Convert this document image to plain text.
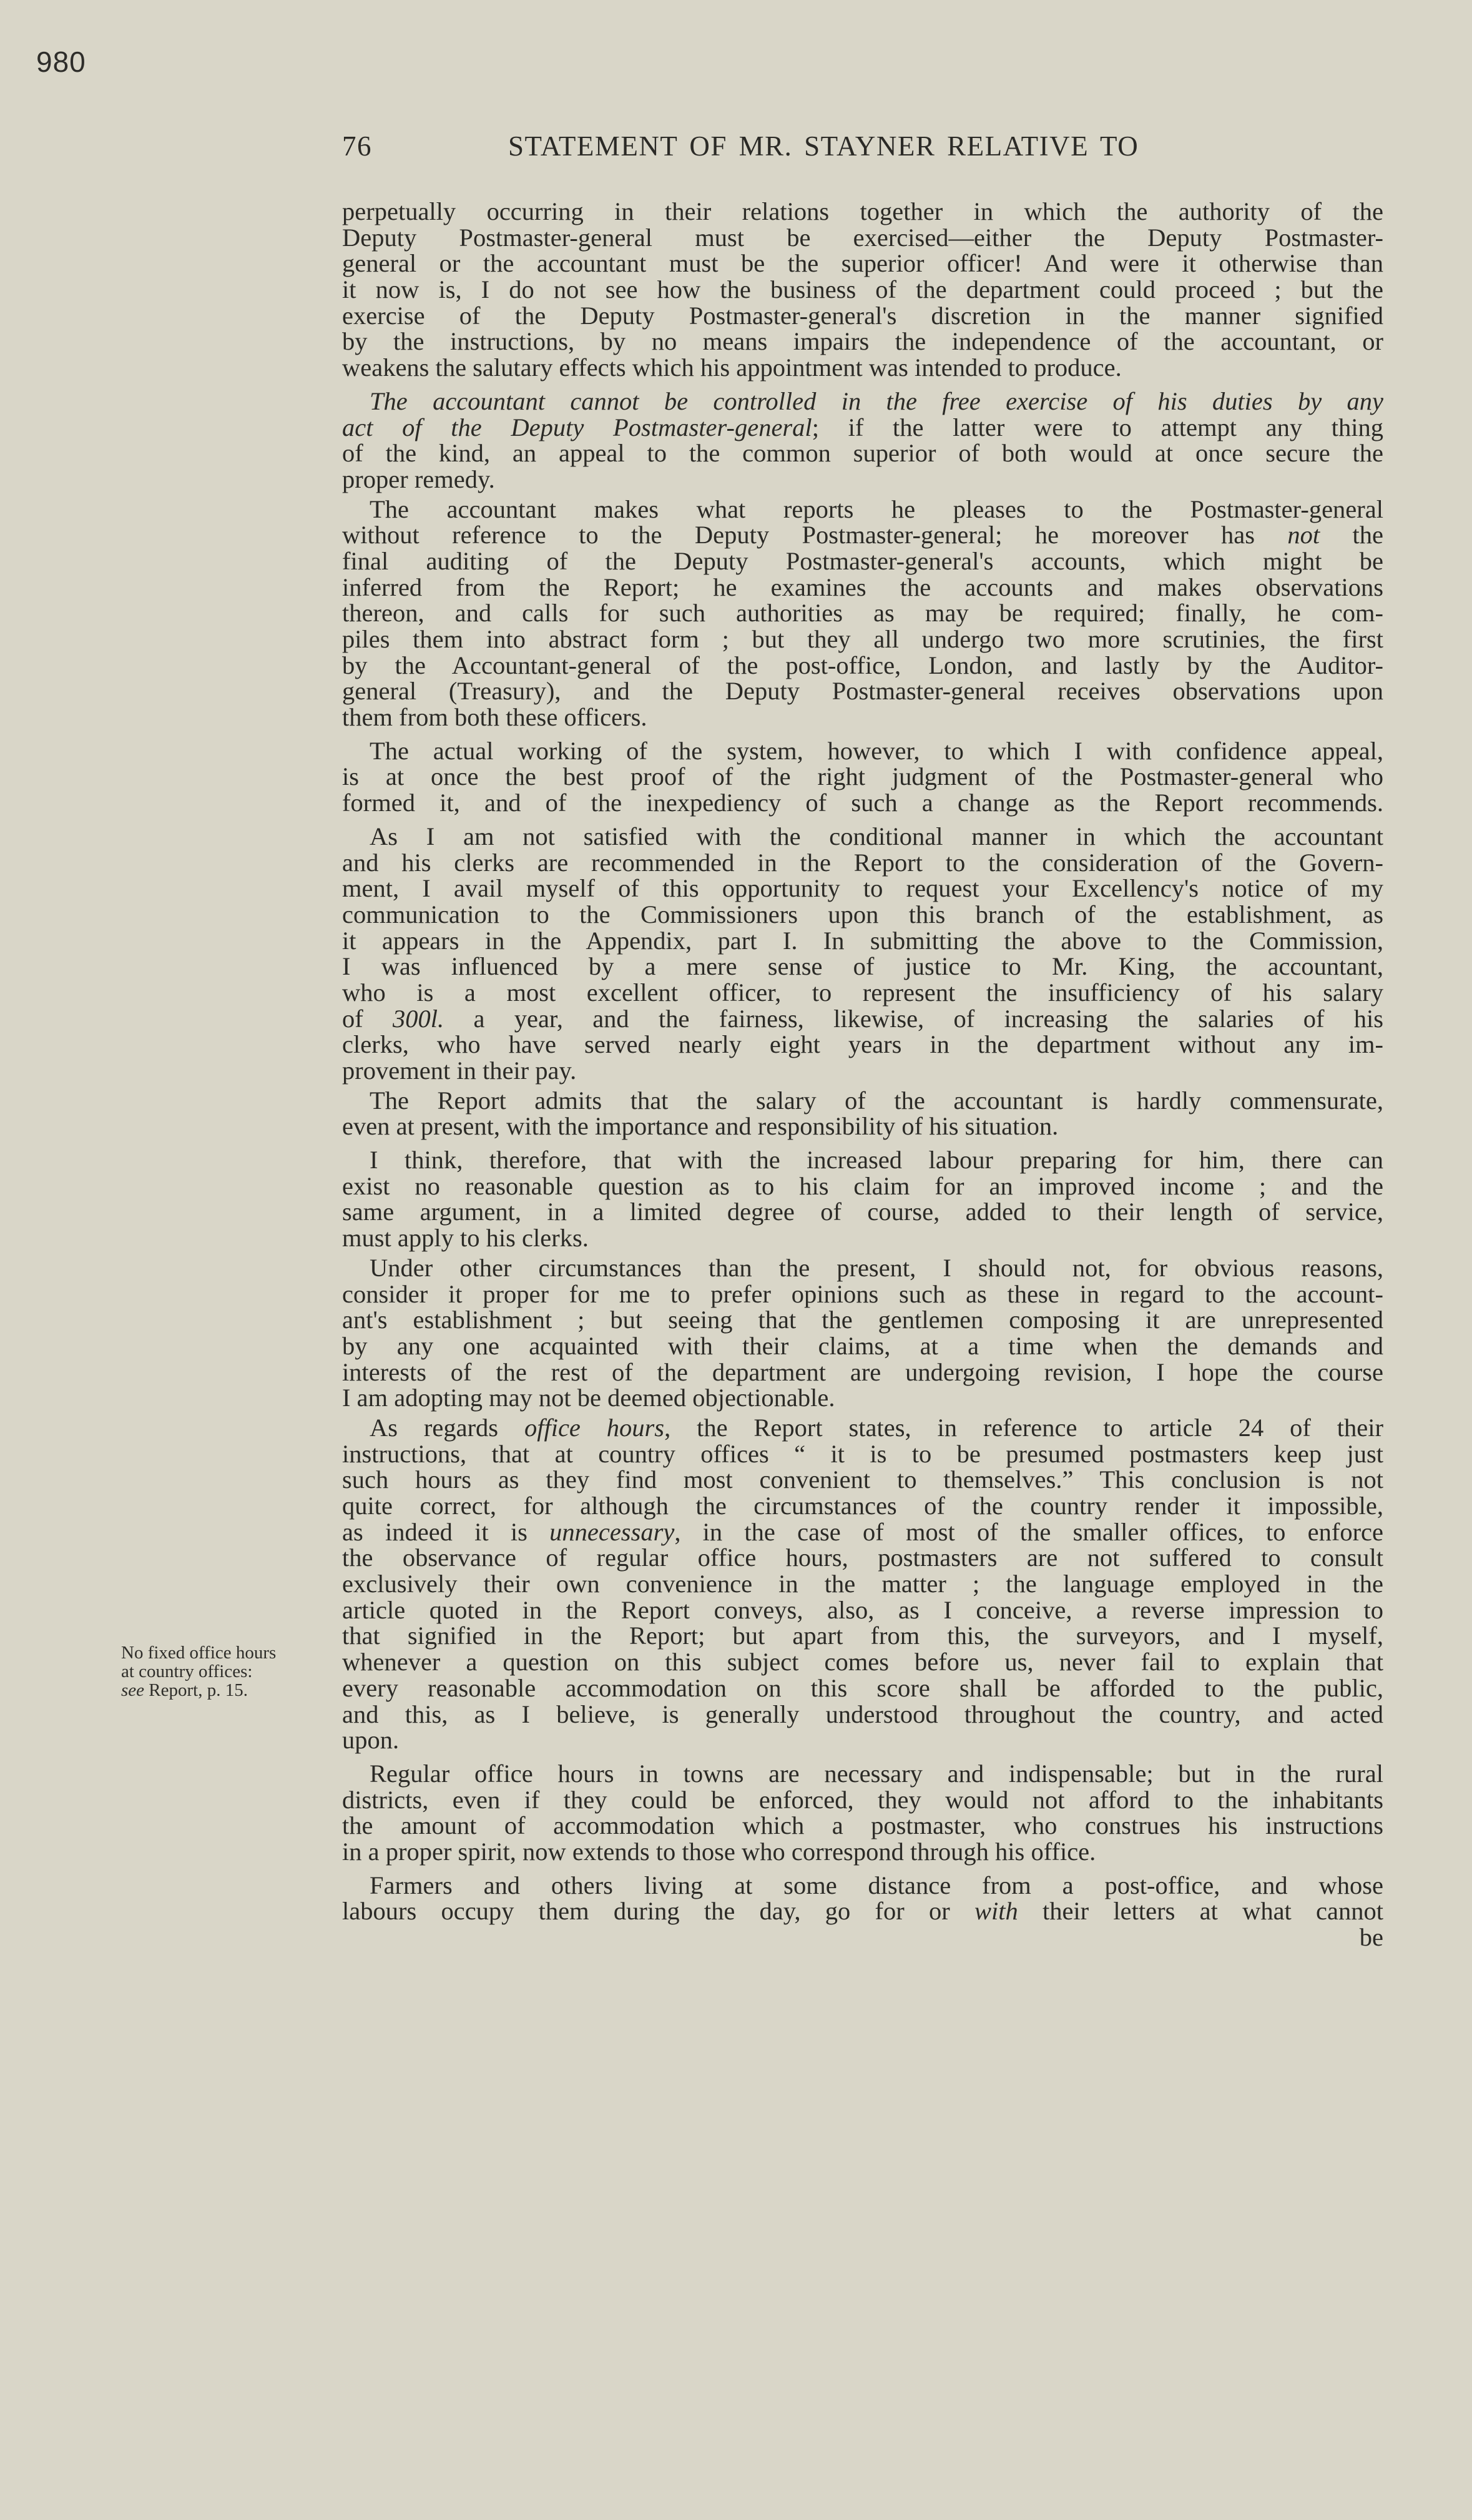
980
76	STATEMENT OF MR. STAYNER RELATIVE TO
No fixed office hours
at country offices:
see Report, p. 15.
perpetually occurring in their relations together in which the authority of the
Deputy Postmaster-general must be exercised—either the Deputy Postmaster-
general or the accountant must be the superior officer! And were it otherwise than
it now is, I do not see how the business of the department could proceed ; but the
exercise of the Deputy Postmaster-general's discretion in the manner signified
by the instructions, by no means impairs the independence of the accountant, or
weakens the salutary effects which his appointment was intended to produce.
The accountant cannot be controlled in the free exercise of his duties by any
act of the Deputy Postmaster-general; if the latter were to attempt any thing
of the kind, an appeal to the common superior of both would at once secure the
proper remedy.
The accountant makes what reports he pleases to the Postmaster-general
without reference to the Deputy Postmaster-general; he moreover has not the
final auditing of the Deputy Postmaster-general's accounts, which might be
inferred from the Report; he examines the accounts and makes observations
thereon, and calls for such authorities as may be required; finally, he com-
piles them into abstract form ; but they all undergo two more scrutinies, the first
by the Accountant-general of the post-office, London, and lastly by the Auditor-
general (Treasury), and the Deputy Postmaster-general receives observations upon
them from both these officers.
The actual working of the system, however, to which I with confidence appeal,
is at once the best proof of the right judgment of the Postmaster-general who
formed it, and of the inexpediency of such a change as the Report recommends.
As I am not satisfied with the conditional manner in which the accountant
and his clerks are recommended in the Report to the consideration of the Govern-
ment, I avail myself of this opportunity to request your Excellency's notice of my
communication to the Commissioners upon this branch of the establishment, as
it appears in the Appendix, part I. In submitting the above to the Commission,
I was influenced by a mere sense of justice to Mr. King, the accountant,
who is a most excellent officer, to represent the insufficiency of his salary
of 300l. a year, and the fairness, likewise, of increasing the salaries of his
clerks, who have served nearly eight years in the department without any im-
provement in their pay.
The Report admits that the salary of the accountant is hardly commensurate,
even at present, with the importance and responsibility of his situation.
I think, therefore, that with the increased labour preparing for him, there can
exist no reasonable question as to his claim for an improved income ; and the
same argument, in a limited degree of course, added to their length of service,
must apply to his clerks.
Under other circumstances than the present, I should not, for obvious reasons,
consider it proper for me to prefer opinions such as these in regard to the account-
ant's establishment ; but seeing that the gentlemen composing it are unrepresented
by any one acquainted with their claims, at a time when the demands and
interests of the rest of the department are undergoing revision, I hope the course
I am adopting may not be deemed objectionable.
As regards office hours, the Report states, in reference to article 24 of their
instructions, that at country offices “ it is to be presumed postmasters keep just
such hours as they find most convenient to themselves.” This conclusion is not
quite correct, for although the circumstances of the country render it impossible,
as indeed it is unnecessary, in the case of most of the smaller offices, to enforce
the observance of regular office hours, postmasters are not suffered to consult
exclusively their own convenience in the matter ; the language employed in the
article quoted in the Report conveys, also, as I conceive, a reverse impression to
that signified in the Report; but apart from this, the surveyors, and I myself,
whenever a question on this subject comes before us, never fail to explain that
every reasonable accommodation on this score shall be afforded to the public,
and this, as I believe, is generally understood throughout the country, and acted
upon.
Regular office hours in towns are necessary and indispensable; but in the rural
districts, even if they could be enforced, they would not afford to the inhabitants
the amount of accommodation which a postmaster, who construes his instructions
in a proper spirit, now extends to those who correspond through his office.
Farmers and others living at some distance from a post-office, and whose
labours occupy them during the day, go for or with their letters at what cannot
be
